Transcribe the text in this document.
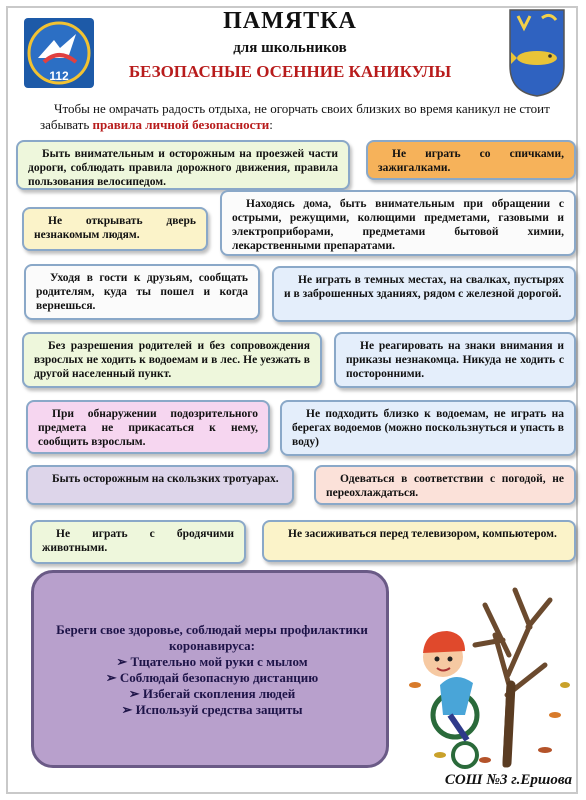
112
ПАМЯТКА
для школьников
БЕЗОПАСНЫЕ ОСЕННИЕ КАНИКУЛЫ
Чтобы не омрачать радость отдыха, не огорчать своих близких во время каникул не стоит забывать правила личной безопасности:
Быть внимательным и осторожным на проезжей части дороги, соблюдать правила дорожного движения, правила пользования велосипедом.
Не играть со спичками, зажигалками.
Находясь дома, быть внимательным при обращении с острыми, режущими, колющими предметами, газовыми и электроприборами, предметами бытовой химии, лекарственными препаратами.
Не открывать дверь незнакомым людям.
Уходя в гости к друзьям, сообщать родителям, куда ты пошел и когда вернешься.
Не играть в темных местах, на свалках, пустырях и в заброшенных зданиях, рядом с железной дорогой.
Без разрешения родителей и без сопровождения взрослых не ходить к водоемам и в лес. Не уезжать в другой населенный пункт.
Не реагировать на знаки внимания и приказы незнакомца. Никуда не ходить с посторонними.
При обнаружении подозрительного предмета не прикасаться к нему, сообщить взрослым.
Не подходить близко к водоемам, не играть на берегах водоемов (можно поскользнуться и упасть в воду)
Быть осторожным на скользких тротуарах.	Одеваться в соответствии с погодой, не переохлаждаться.
Не играть с бродячими животными.
Не засиживаться перед телевизором, компьютером.
Береги свое здоровье, соблюдай меры профилактики коронавируса:
➢ Тщательно мой руки с мылом
➢ Соблюдай безопасную дистанцию
➢ Избегай скопления людей
➢ Используй средства защиты
СОШ №3 г.Ершова
